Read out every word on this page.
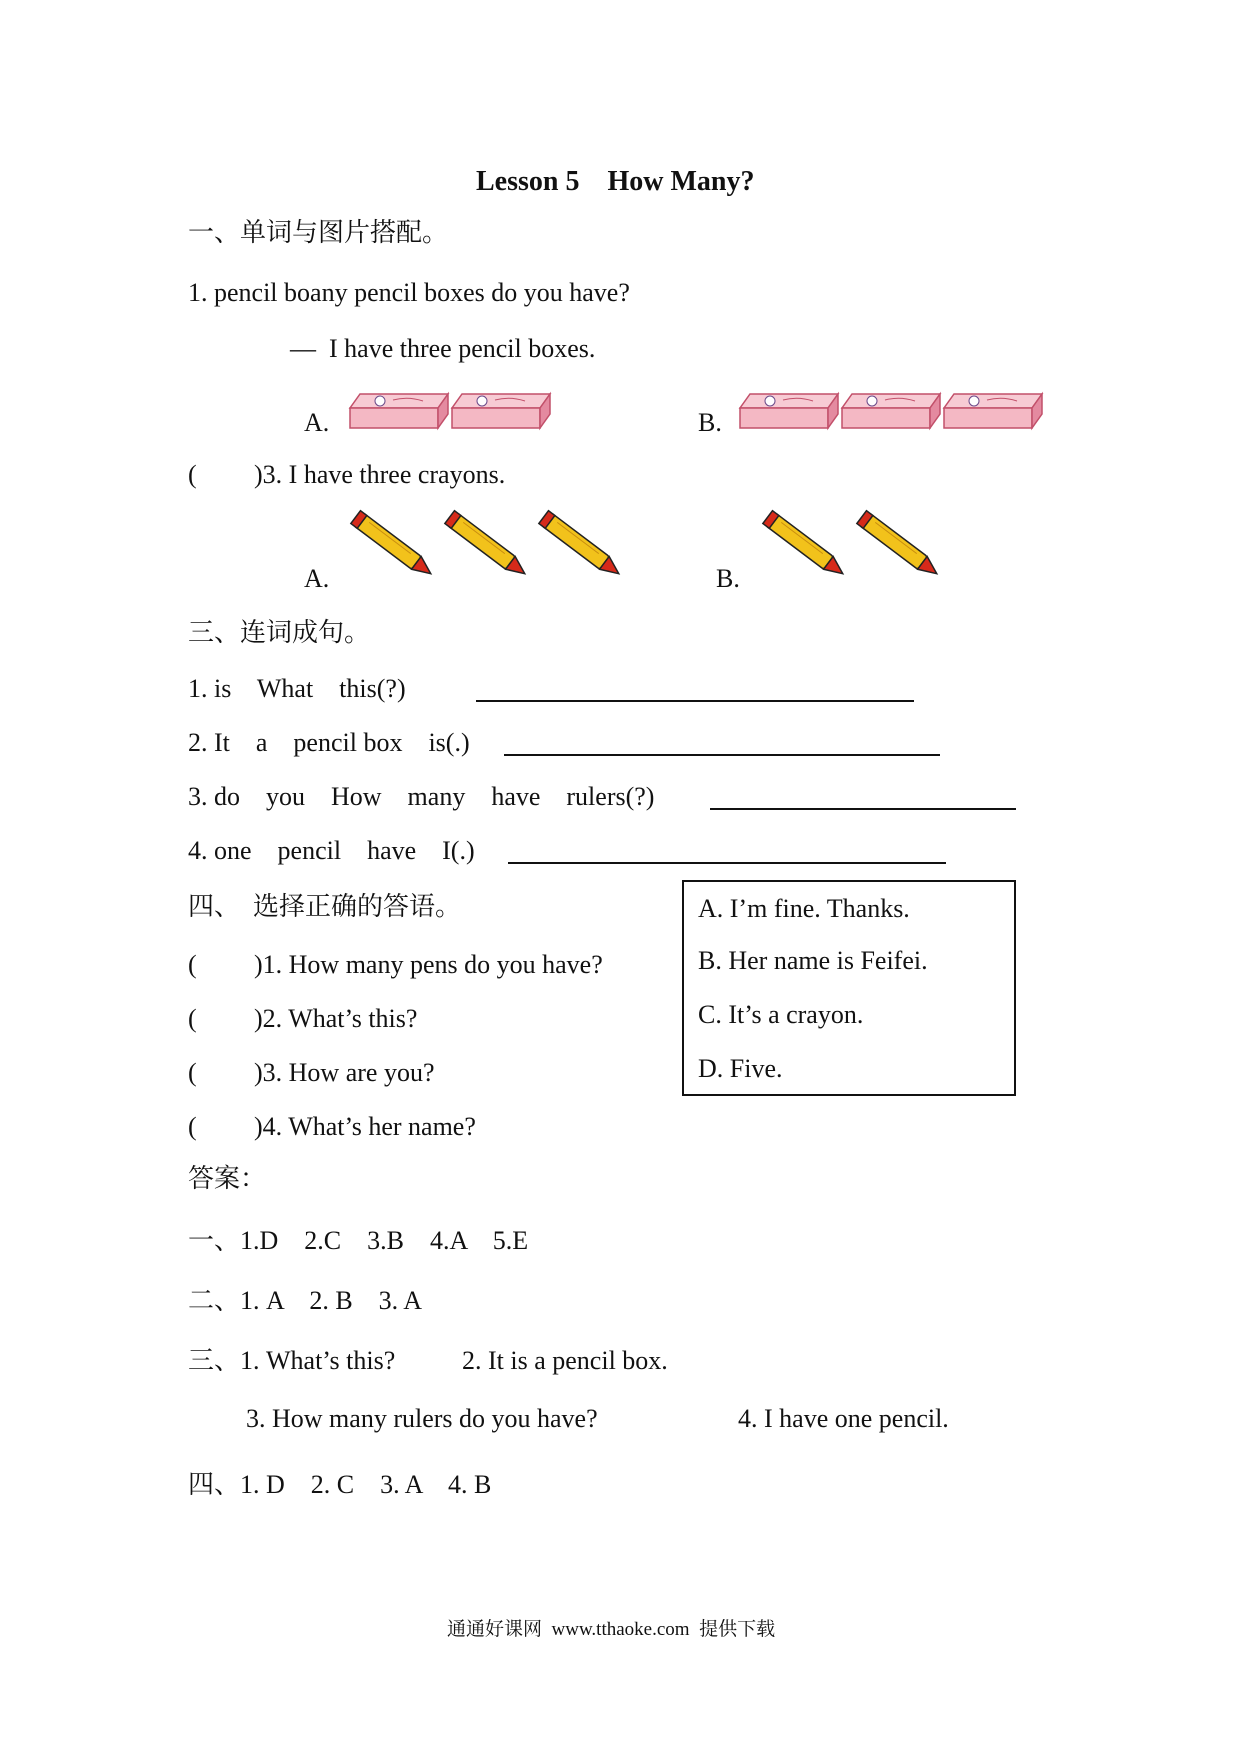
Lesson 5    How Many?
一、单词与图片搭配。
1. pencil boany pencil boxes do you have?
—  I have three pencil boxes.
A.	B.
( )3. I have three crayons.
A.	B.
三、连词成句。
1. is    What    this(?)
2. It    a    pencil box    is(.)
3. do    you    How    many    have    rulers(?)
4. one    pencil    have    I(.)
四、  选择正确的答语。
( )1. How many pens do you have?
( )2. What’s this?
( )3. How are you?
( )4. What’s her name?
A. I’m fine. Thanks.
B. Her name is Feifei.
C. It’s a crayon.
D. Five.
答案：
一、1.D    2.C    3.B    4.A    5.E
二、1. A    2. B    3. A
三、1. What’s this?	2. It is a pencil box.
3. How many rulers do you have?	4. I have one pencil.
四、1. D    2. C    3. A    4. B
通通好课网  www.tthaoke.com  提供下载
